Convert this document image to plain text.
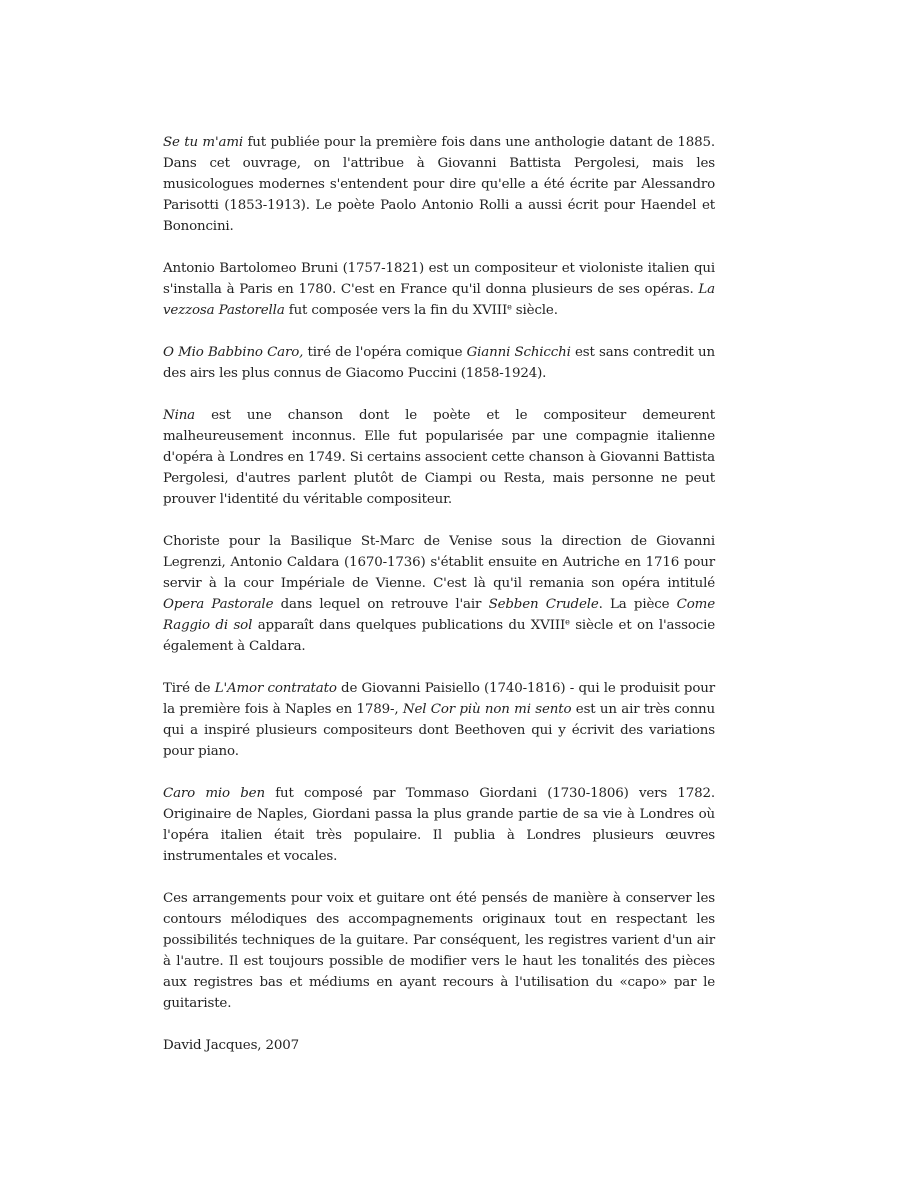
Se tu m'ami fut publiée pour la première fois dans une anthologie datant de 1885. Dans cet ouvrage, on l'attribue à Giovanni Battista Pergolesi, mais les musicologues modernes s'entendent pour dire qu'elle a été écrite par Alessandro Parisotti (1853-1913). Le poète Paolo Antonio Rolli a aussi écrit pour Haendel et Bononcini.

Antonio Bartolomeo Bruni (1757-1821) est un compositeur et violoniste italien qui s'installa à Paris en 1780. C'est en France qu'il donna plusieurs de ses opéras. La vezzosa Pastorella fut composée vers la fin du XVIIIe siècle.

O Mio Babbino Caro, tiré de l'opéra comique Gianni Schicchi est sans contredit un des airs les plus connus de Giacomo Puccini (1858-1924).

Nina est une chanson dont le poète et le compositeur demeurent malheureusement inconnus. Elle fut popularisée par une compagnie italienne d'opéra à Londres en 1749. Si certains associent cette chanson à Giovanni Battista Pergolesi, d'autres parlent plutôt de Ciampi ou Resta, mais personne ne peut prouver l'identité du véritable compositeur.

Choriste pour la Basilique St-Marc de Venise sous la direction de Giovanni Legrenzi, Antonio Caldara (1670-1736) s'établit ensuite en Autriche en 1716 pour servir à la cour Impériale de Vienne. C'est là qu'il remania son opéra intitulé Opera Pastorale dans lequel on retrouve l'air Sebben Crudele. La pièce Come Raggio di sol apparaît dans quelques publications du XVIIIe siècle et on l'associe également à Caldara.

Tiré de L'Amor contratato de Giovanni Paisiello (1740-1816) - qui le produisit pour la première fois à Naples en 1789-, Nel Cor più non mi sento est un air très connu qui a inspiré plusieurs compositeurs dont Beethoven qui y écrivit des variations pour piano.

Caro mio ben fut composé par Tommaso Giordani (1730-1806) vers 1782. Originaire de Naples, Giordani passa la plus grande partie de sa vie à Londres où l'opéra italien était très populaire. Il publia à Londres plusieurs œuvres instrumentales et vocales.

Ces arrangements pour voix et guitare ont été pensés de manière à conserver les contours mélodiques des accompagnements originaux tout en respectant les possibilités techniques de la guitare. Par conséquent, les registres varient d'un air à l'autre. Il est toujours possible de modifier vers le haut les tonalités des pièces aux registres bas et médiums en ayant recours à l'utilisation du «capo» par le guitariste.

David Jacques, 2007
